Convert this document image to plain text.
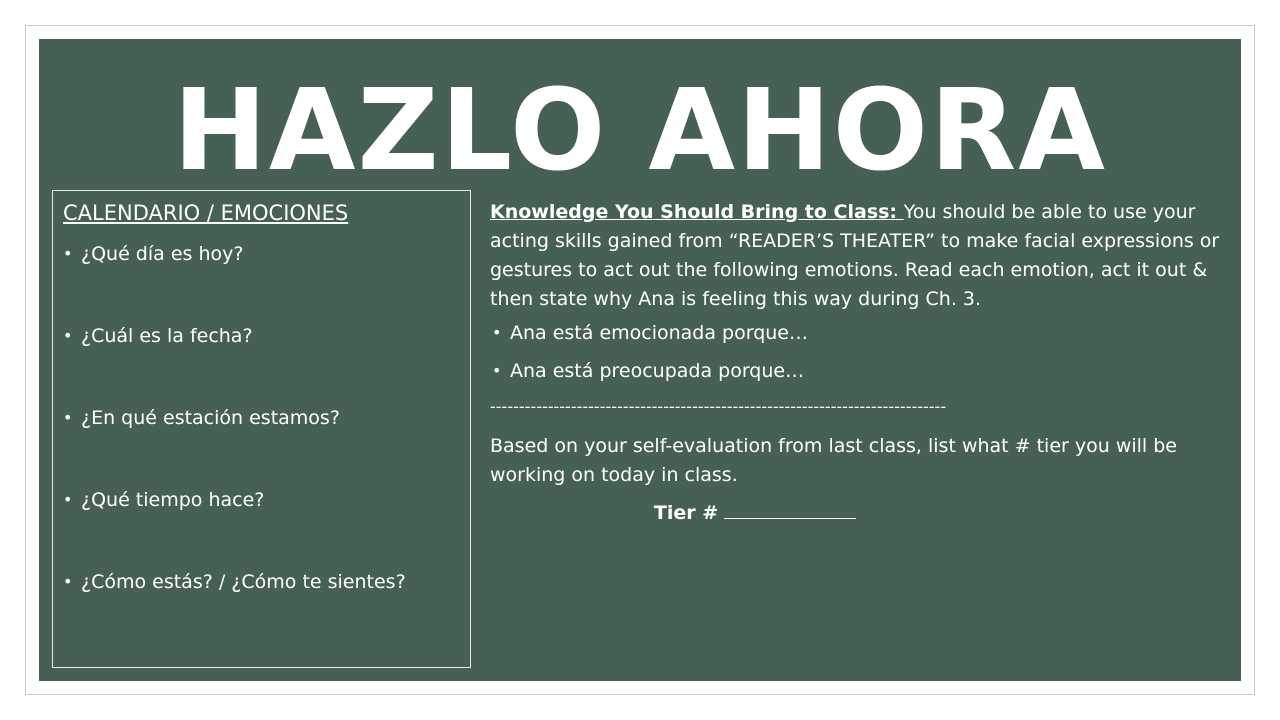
HAZLO AHORA
CALENDARIO / EMOCIONES
• ¿Qué día es hoy?
• ¿Cuál es la fecha?
• ¿En qué estación estamos?
• ¿Qué tiempo hace?
• ¿Cómo estás? / ¿Cómo te sientes?

Knowledge You Should Bring to Class: You should be able to use your acting skills gained from “READER’S THEATER” to make facial expressions or gestures to act out the following emotions. Read each emotion, act it out & then state why Ana is feeling this way during Ch. 3.

• Ana está emocionada porque…
• Ana está preocupada porque…

-------------------------------------------------------------------------------

Based on your self-evaluation from last class, list what # tier you will be working on today in class.

Tier #
